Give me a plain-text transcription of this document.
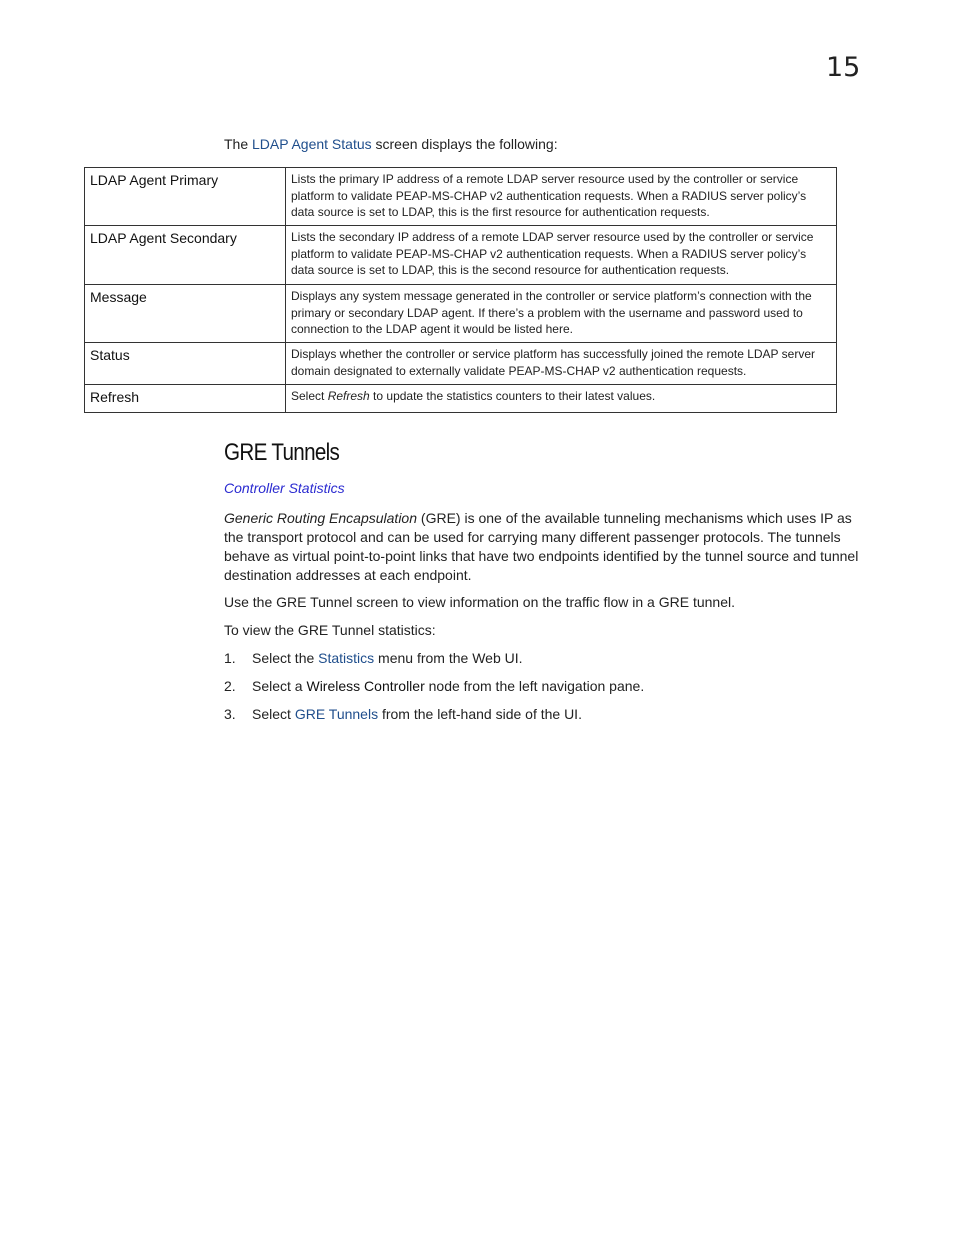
15
The LDAP Agent Status screen displays the following:
LDAP Agent Primary	Lists the primary IP address of a remote LDAP server resource used by the controller or service platform to validate PEAP-MS-CHAP v2 authentication requests. When a RADIUS server policy’s data source is set to LDAP, this is the first resource for authentication requests.
LDAP Agent Secondary	Lists the secondary IP address of a remote LDAP server resource used by the controller or service platform to validate PEAP-MS-CHAP v2 authentication requests. When a RADIUS server policy’s data source is set to LDAP, this is the second resource for authentication requests.
Message	Displays any system message generated in the controller or service platform’s connection with the primary or secondary LDAP agent. If there’s a problem with the username and password used to connection to the LDAP agent it would be listed here.
Status	Displays whether the controller or service platform has successfully joined the remote LDAP server domain designated to externally validate PEAP-MS-CHAP v2 authentication requests.
Refresh	Select Refresh to update the statistics counters to their latest values.
GRE Tunnels
Controller Statistics

Generic Routing Encapsulation (GRE) is one of the available tunneling mechanisms which uses IP as the transport protocol and can be used for carrying many different passenger protocols. The tunnels behave as virtual point-to-point links that have two endpoints identified by the tunnel source and tunnel destination addresses at each endpoint.

Use the GRE Tunnel screen to view information on the traffic flow in a GRE tunnel.

To view the GRE Tunnel statistics:

1. Select the Statistics menu from the Web UI.
2. Select a Wireless Controller node from the left navigation pane.
3. Select GRE Tunnels from the left-hand side of the UI.
